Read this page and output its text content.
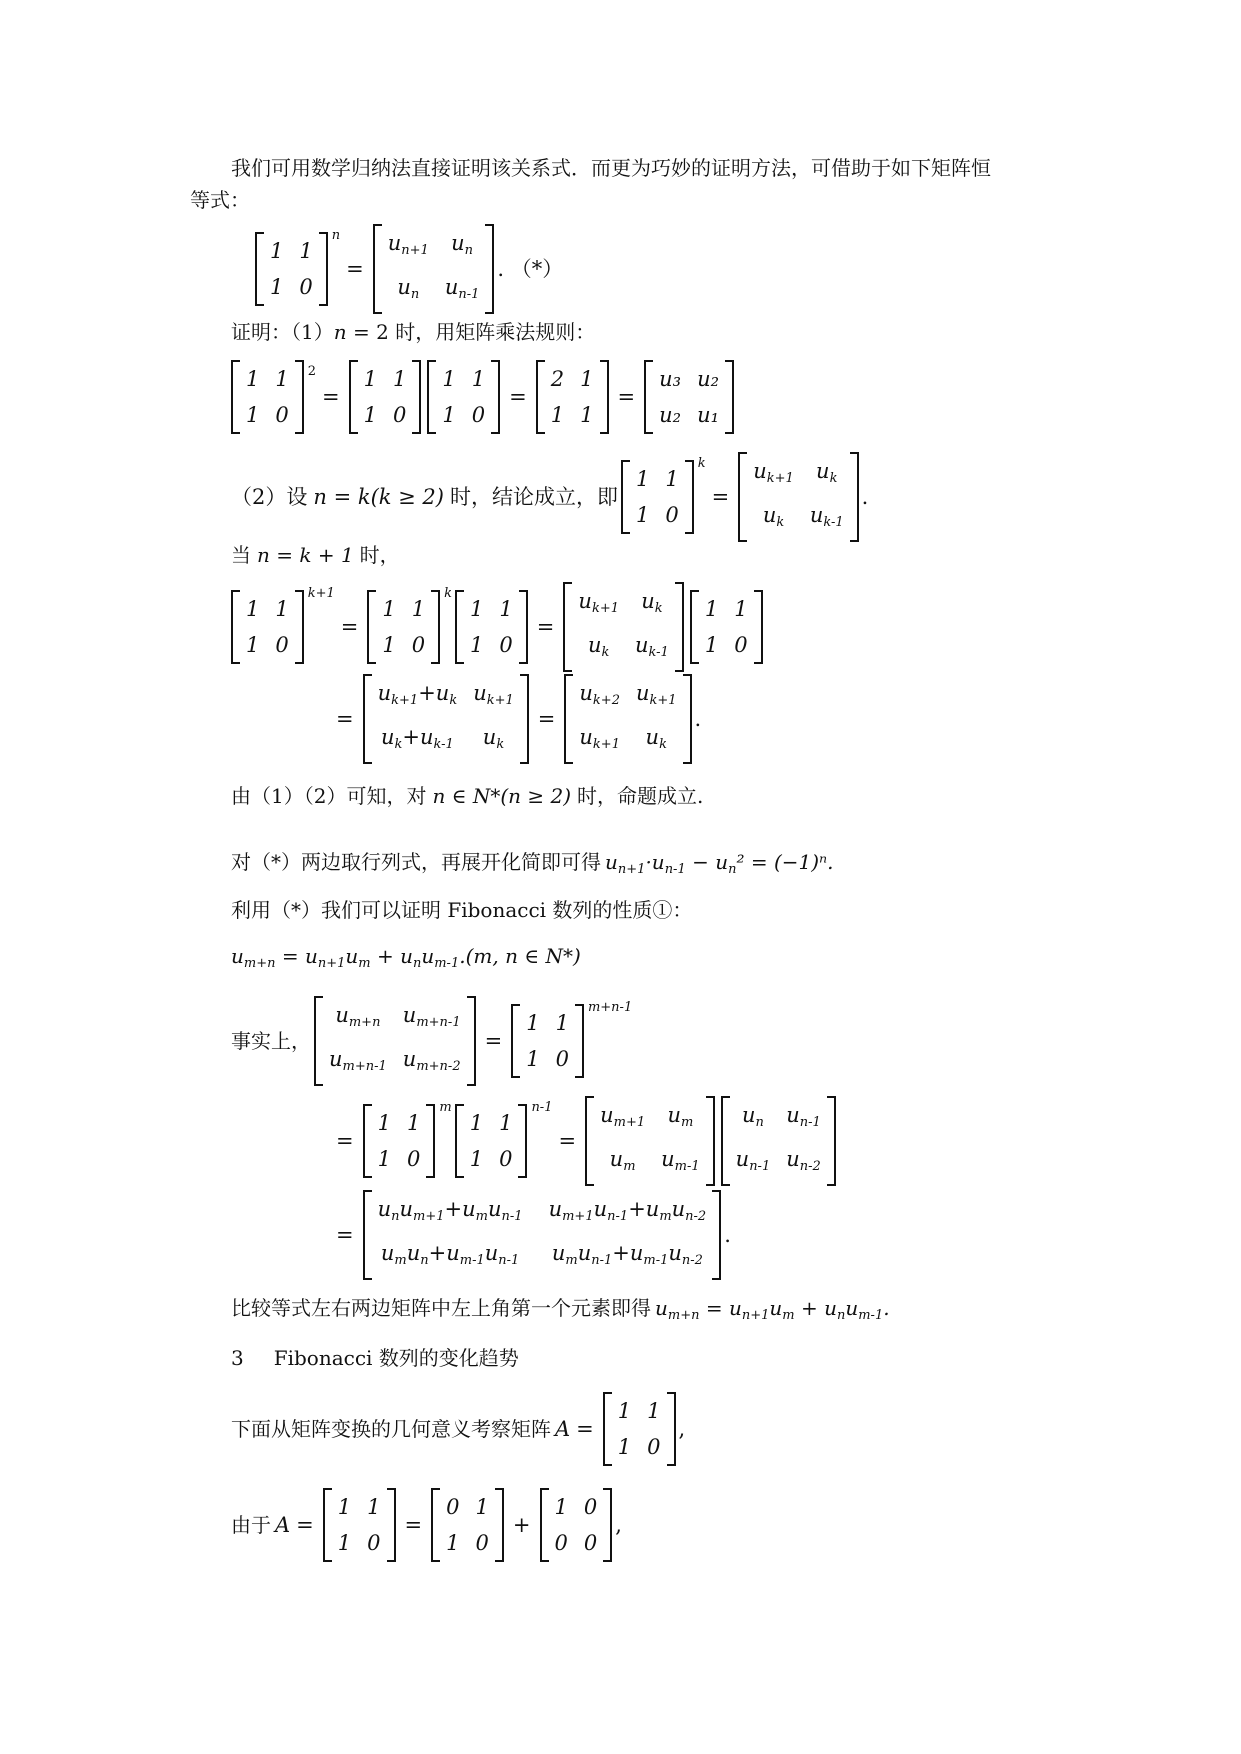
我们可用数学归纳法直接证明该关系式．而更为巧妙的证明方法，可借助于如下矩阵恒
等式：
1 1
1 0
n
=
$u_{n+1}$	$u_n$
$u_n$	$u_{n-1}$
. （*）
证明：（1）n = 2 时，用矩阵乘法规则：
1 1
1 0
2
=
1 1
1 0
1 1
1 0
=
2 1
1 1
=
u₃ u₂
u₂ u₁
（2）设 n = k(k ≥ 2) 时，结论成立，即
1 1
1 0
k
=
$u_{k+1}$ $u_k$
$u_k$	$u_{k-1}$
.
当 n = k + 1 时，
1 1
1 0
k+1
=
1 1
1 0
k
1 1
1 0
=
$u_{k+1}$ $u_k$
$u_k$	$u_{k-1}$
1 1
1 0
=
$u_{k+1}+u_k$ $u_{k+1}$
$u_k+u_{k-1}$	$u_k$
=
$u_{k+2}$ $u_{k+1}$
$u_{k+1}$	$u_k$
.
由（1）（2）可知，对 n ∈ N*(n ≥ 2) 时，命题成立.
对（*）两边取行列式，再展开化简即可得 $u_{n+1}\cdot u_{n-1} - u_n^2 = (-1)^n$.
利用（*）我们可以证明 Fibonacci 数列的性质①：
$u_{m+n} = u_{n+1}u_m + u_nu_{m-1}.(m$, n ∈ N*)
事实上，
$u_{m+n}$	$u_{m+n-1}$
$u_{m+n-1}$ $u_{m+n-2}$
=
1 1
1 0
m+n-1
=
1 1
1 0
m
1 1
1 0
n-1
=
$u_{m+1}$	$u_m$
$u_m$	$u_{m-1}$
$u_n$	$u_{n-1}$
$u_{n-1}$ $u_{n-2}$
=
$u_nu_{m+1}+u_mu_{n-1}$ $u_{m+1}u_{n-1}+u_mu_{n-2}$
$u_mu_n+u_{m-1}u_{n-1}$ $u_mu_{n-1}+u_{m-1}u_{n-2}$
.
比较等式左右两边矩阵中左上角第一个元素即得 $u_{m+n} = u_{n+1}u_m + u_nu_{m-1}$.
3 Fibonacci 数列的变化趋势
下面从矩阵变换的几何意义考察矩阵 A =
1 1
1 0
,
由于 A =
1 1
1 0
=
0 1
1 0
+
1 0
0 0
,
